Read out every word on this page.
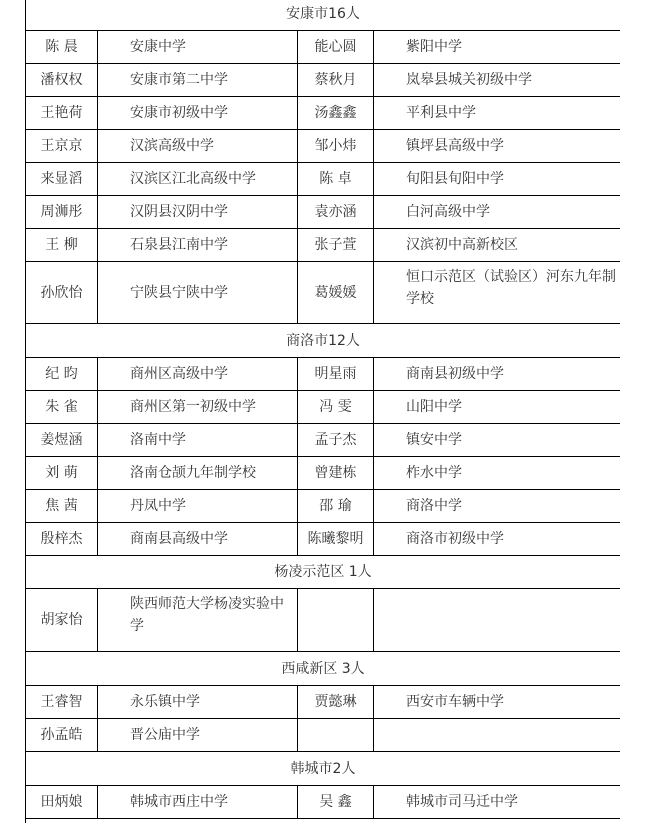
安康市16人			
陈 晨	安康中学	能心圆	紫阳中学
潘权权	安康市第二中学	蔡秋月	岚皋县城关初级中学
王艳荷	安康市初级中学	汤鑫鑫	平利县中学
王京京	汉滨高级中学	邹小炜	镇坪县高级中学
来显滔	汉滨区江北高级中学	陈 卓	旬阳县旬阳中学
周浉彤	汉阴县汉阴中学	袁亦涵	白河高级中学
王 柳	石泉县江南中学	张子萱	汉滨初中高新校区
孙欣怡	宁陕县宁陕中学	葛媛媛	恒口示范区（试验区）河东九年制学校

商洛市12人			
纪 昀	商州区高级中学	明星雨	商南县初级中学
朱 雀	商州区第一初级中学	冯 雯	山阳中学
姜煜涵	洛南中学	孟子杰	镇安中学
刘 萌	洛南仓颉九年制学校	曾建栋	柞水中学
焦 茜	丹凤中学	邵 瑜	商洛中学
殷梓杰	商南县高级中学	陈曦黎明	商洛市初级中学
杨凌示范区 1人			
胡家怡	陕西师范大学杨凌实验中学		

西咸新区 3人			
王睿智	永乐镇中学	贾懿琳	西安市车辆中学
孙孟皓	晋公庙中学		
韩城市2人			
田炳娘	韩城市西庄中学	吴 鑫	韩城市司马迁中学
